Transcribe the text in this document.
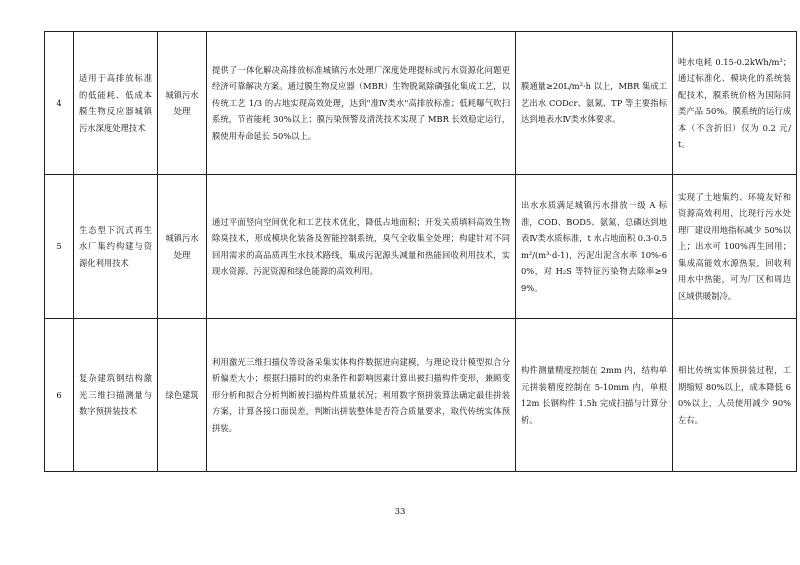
4	适用于高排放标准的低能耗、低成本膜生物反应器城镇污水深度处理技术	城镇污水处理	提供了一体化解决高排放标准城镇污水处理厂深度处理提标或污水资源化问题更经济可靠解决方案。通过膜生物反应器（MBR）生物脱氮除磷强化集成工艺，以传统工艺 1/3 的占地实现高效处理，达到"准Ⅳ类水"高排放标准；低耗曝气吹扫系统，节省能耗 30%以上；膜污染预警及清洗技术实现了 MBR 长效稳定运行，膜使用寿命延长 50%以上。	膜通量≥20L/m²·h 以上，MBR 集成工艺出水 CODcr、氨氮、TP 等主要指标达到地表水Ⅳ类水体要求。	吨水电耗 0.15-0.2kWh/m³；通过标准化、模块化的系统装配技术，膜系统价格为国际同类产品 50%。膜系统的运行成本（不含折旧）仅为 0.2 元/t。
5	生态型下沉式再生水厂集约构建与资源化利用技术	城镇污水处理	通过平面竖向空间优化和工艺技术优化，降低占地面积；开发关质填料高效生物除臭技术，形成模块化装备及智能控制系统，臭气全收集全处理；构建针对不同回用需求的高品质再生水技术路线，集成污泥源头减量和热能回收利用技术，实现水资源、污泥资源和绿色能源的高效利用。	出水水质满足城镇污水排放一级 A 标准，COD、BOD5、氨氮、总磷达到地表Ⅳ类水质标准，t 水占地面积 0.3-0.5m²/(m³·d-1)，污泥出泥含水率 10%-60%，对 H₂S 等特征污染物去除率≥99%。	实现了土地集约、环境友好和资源高效利用，比现行污水处理厂建设用地指标减少 50%以上；出水可 100%再生回用；集成高能效水源热泵，回收利用水中热能，可为厂区和周边区域供暖制冷。
6	复杂建筑钢结构激光三维扫描测量与数字预拼装技术	绿色建筑	利用激光三维扫描仪等设备采集实体构件数据进向建模，与理论设计模型拟合分析偏差大小；根据扫描时的约束条件和影响因素计算出被扫描构件变形，兼顾变形分析和拟合分析判断被扫描构件质量状况；利用数字预拼装算法确定最佳拼装方案，计算各接口面误差，判断出拼装整体是否符合质量要求，取代传统实体预拼装。	构件测量精度控制在 2mm 内，结构单元拼装精度控制在 5-10mm 内，单根 12m 长钢构件 1.5h 完成扫描与计算分析。	相比传统实体预拼装过程，工期缩短 80%以上，成本降低 60%以上，人员使用减少 90%左右。
33
